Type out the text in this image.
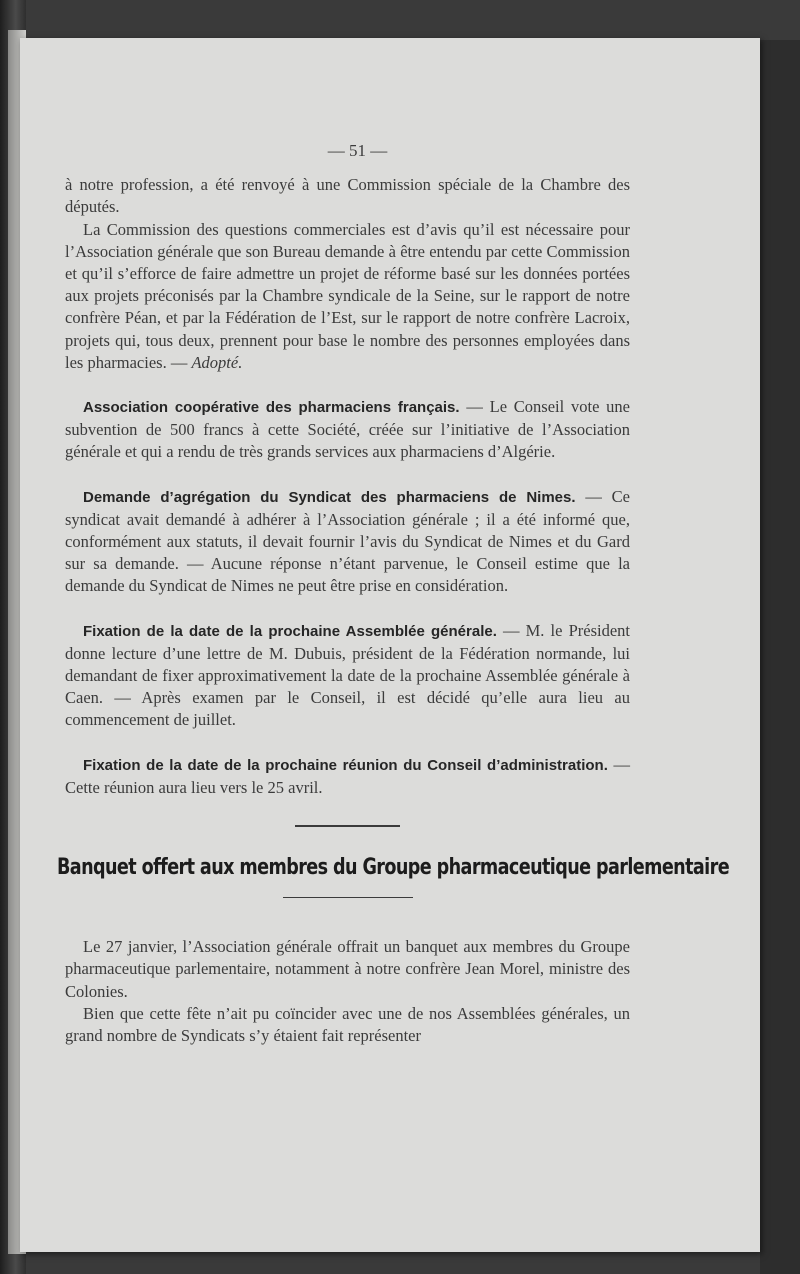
— 51 —

à notre profession, a été renvoyé à une Commission spéciale de la Chambre des députés.

La Commission des questions commerciales est d’avis qu’il est nécessaire pour l’Association générale que son Bureau demande à être entendu par cette Commission et qu’il s’efforce de faire admettre un projet de réforme basé sur les données portées aux projets préconisés par la Chambre syndicale de la Seine, sur le rapport de notre confrère Péan, et par la Fédération de l’Est, sur le rapport de notre confrère Lacroix, projets qui, tous deux, prennent pour base le nombre des personnes employées dans les pharmacies. — Adopté.

Association coopérative des pharmaciens français. — Le Conseil vote une subvention de 500 francs à cette Société, créée sur l’initiative de l’Association générale et qui a rendu de très grands services aux pharmaciens d’Algérie.

Demande d’agrégation du Syndicat des pharmaciens de Nimes. — Ce syndicat avait demandé à adhérer à l’Association générale ; il a été informé que, conformément aux statuts, il devait fournir l’avis du Syndicat de Nimes et du Gard sur sa demande. — Aucune réponse n’étant parvenue, le Conseil estime que la demande du Syndicat de Nimes ne peut être prise en considération.

Fixation de la date de la prochaine Assemblée générale. — M. le Président donne lecture d’une lettre de M. Dubuis, président de la Fédération normande, lui demandant de fixer approximativement la date de la prochaine Assemblée générale à Caen. — Après examen par le Conseil, il est décidé qu’elle aura lieu au commencement de juillet.

Fixation de la date de la prochaine réunion du Conseil d’administration. — Cette réunion aura lieu vers le 25 avril.

Banquet offert aux membres du Groupe pharmaceutique parlementaire

Le 27 janvier, l’Association générale offrait un banquet aux membres du Groupe pharmaceutique parlementaire, notamment à notre confrère Jean Morel, ministre des Colonies.

Bien que cette fête n’ait pu coïncider avec une de nos Assemblées générales, un grand nombre de Syndicats s’y étaient fait représenter
